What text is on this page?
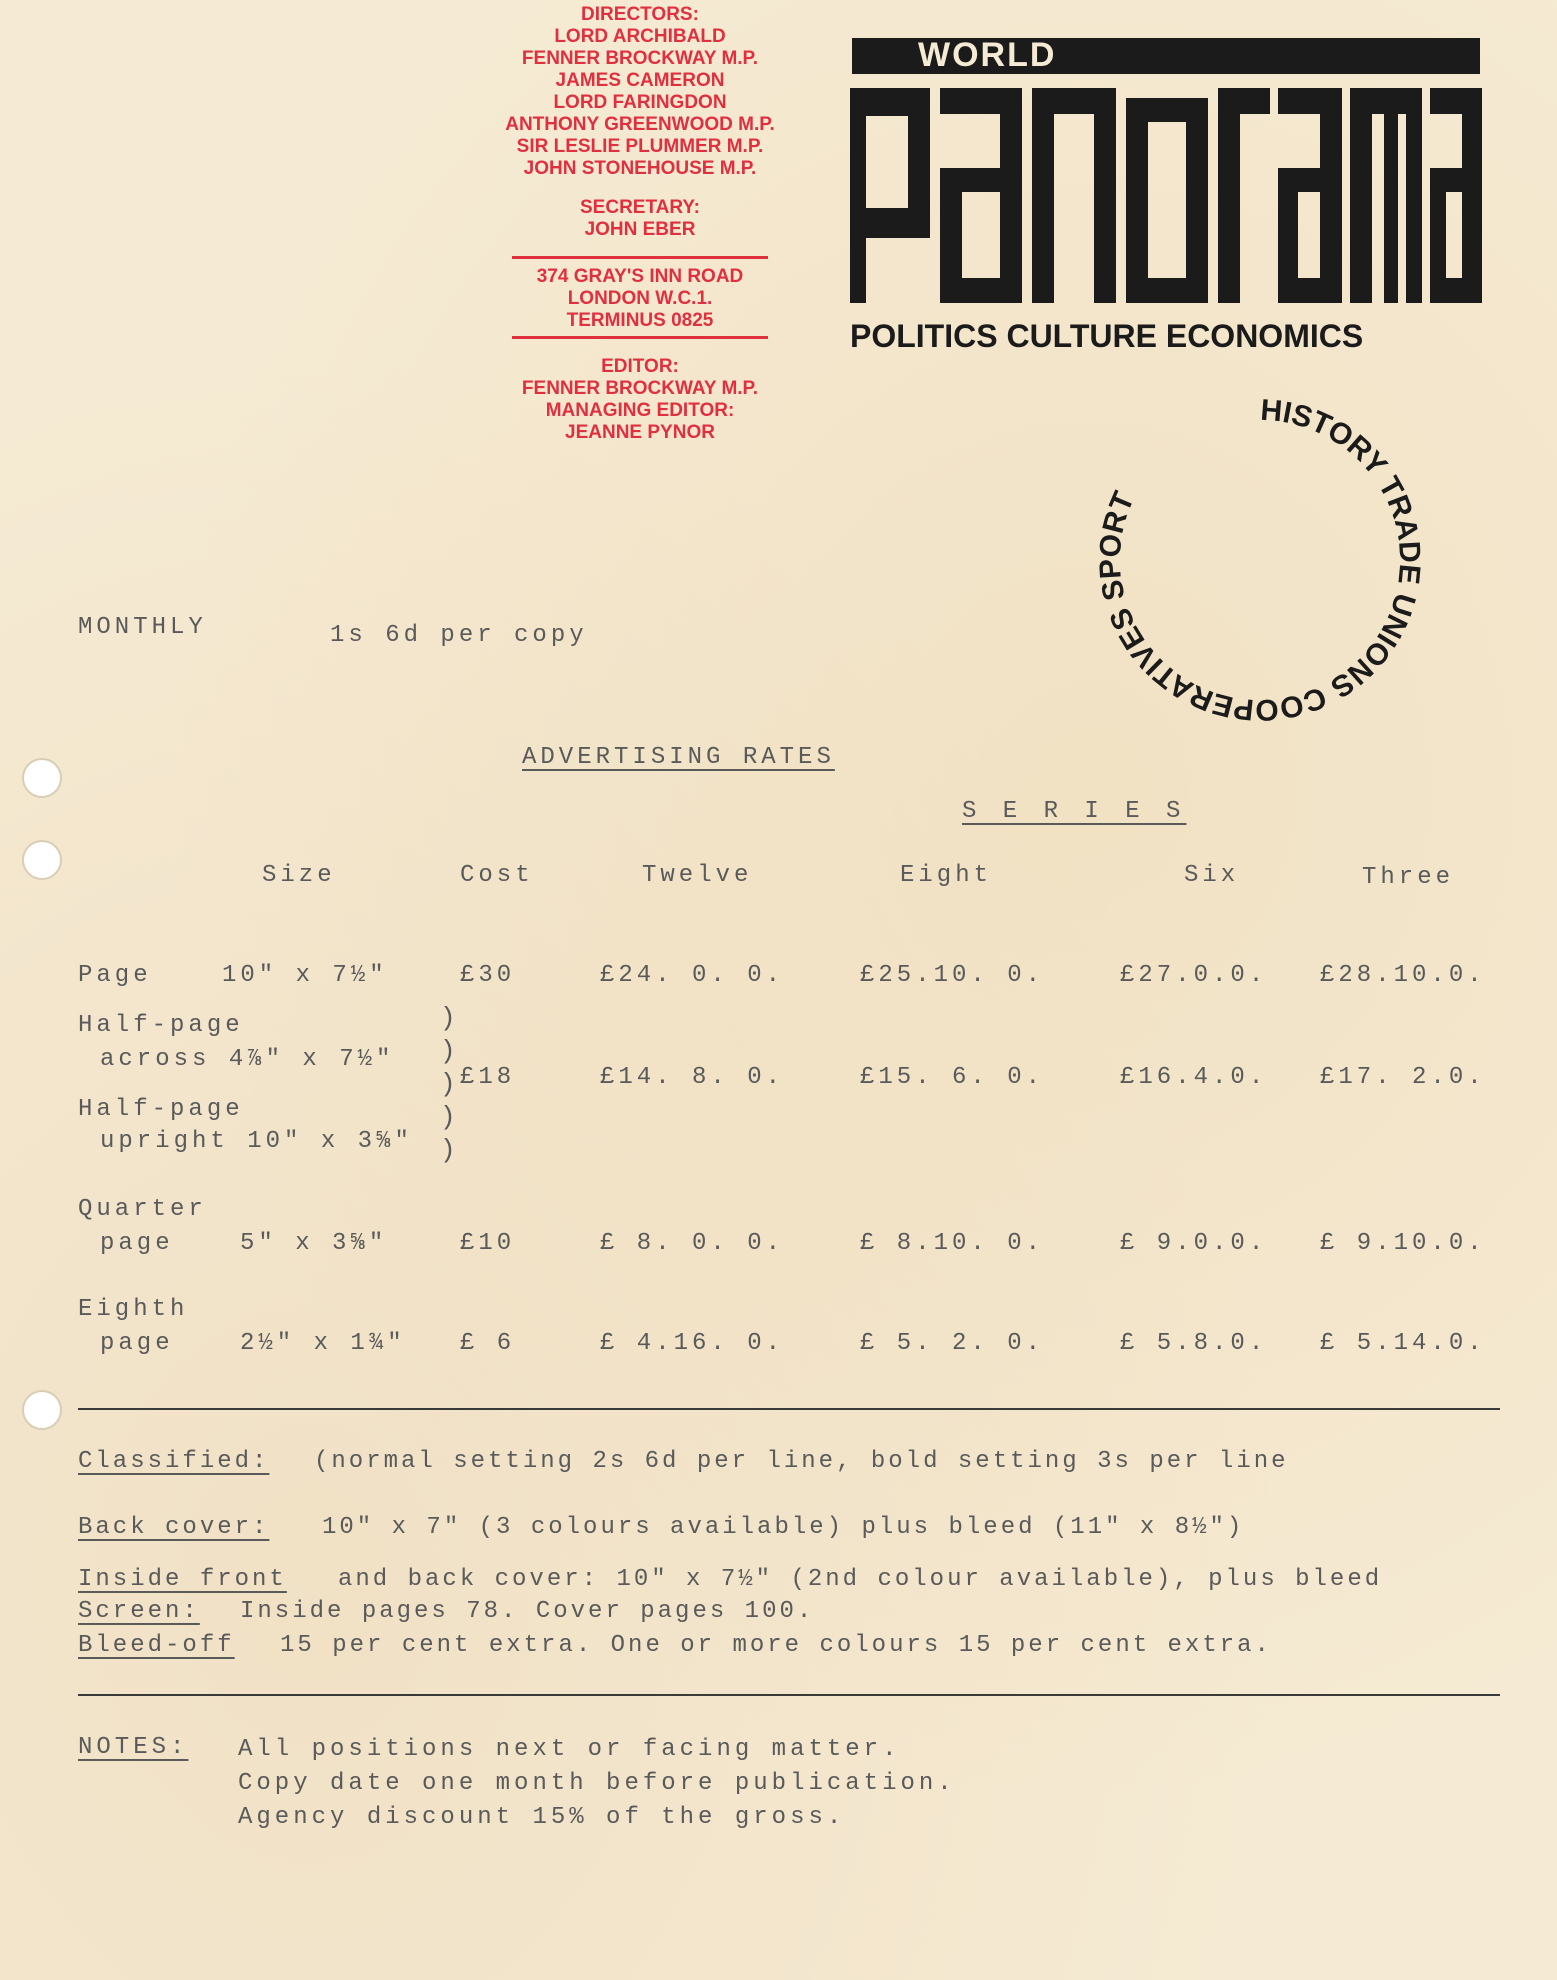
DIRECTORS:
LORD ARCHIBALD
FENNER BROCKWAY M.P.
JAMES CAMERON
LORD FARINGDON
ANTHONY GREENWOOD M.P.
SIR LESLIE PLUMMER M.P.
JOHN STONEHOUSE M.P.
SECRETARY:
JOHN EBER
374 GRAY'S INN ROAD
LONDON W.C.1.
TERMINUS 0825
EDITOR:
FENNER BROCKWAY M.P.
MANAGING EDITOR:
JEANNE PYNOR
WORLD
POLITICS CULTURE ECONOMICS
HISTORY TRADE UNIONS COOPERATIVES SPORT
MONTHLY	1s 6d per copy
ADVERTISING RATES
S E R I E S
Size	Cost	Twelve	Eight	Six	Three
Page	10" x 7½"	£30	£24. 0. 0.	£25.10. 0.	£27.0.0. £28.10.0.
Half-page
across 4⅞" x 7½"
Half-page
upright 10" x 3⅝"
)
)
)
)
)
£18	£14. 8. 0.	£15. 6. 0.	£16.4.0. £17. 2.0.
Quarter
page	5" x 3⅝"	£10	£ 8. 0. 0.	£ 8.10. 0.	£ 9.0.0. £ 9.10.0.
Eighth
page	2½" x 1¾" £ 6	£ 4.16. 0.	£ 5. 2. 0.	£ 5.8.0. £ 5.14.0.
Classified: (normal setting 2s 6d per line, bold setting 3s per line
Back cover: 10" x 7" (3 colours available) plus bleed (11" x 8½")
Inside front and back cover: 10" x 7½" (2nd colour available), plus bleed
Screen: Inside pages 78. Cover pages 100.
Bleed-off 15 per cent extra. One or more colours 15 per cent extra.
NOTES: All positions next or facing matter.
Copy date one month before publication.
Agency discount 15% of the gross.
